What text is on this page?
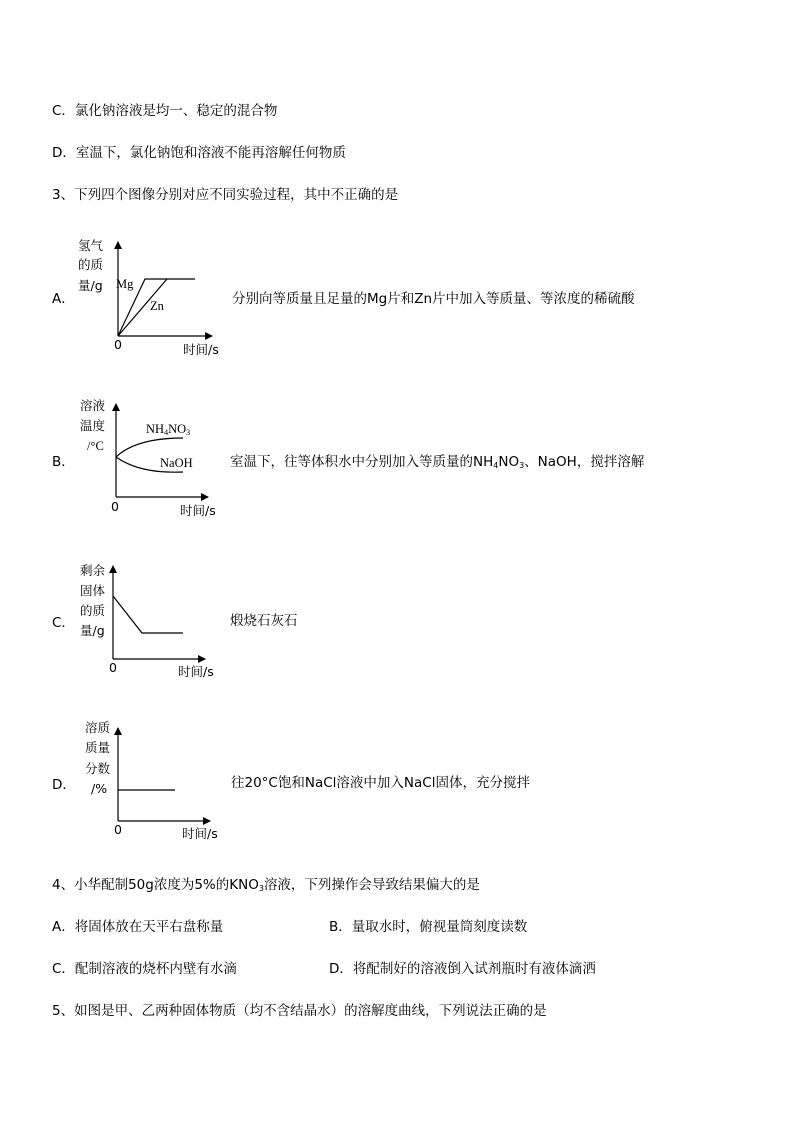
C．氯化钠溶液是均一、稳定的混合物
D．室温下，氯化钠饱和溶液不能再溶解任何物质
3、下列四个图像分别对应不同实验过程，其中不正确的是
A．
氢气
的质
量/g Mg
Zn
0	时间/s
分别向等质量且足量的Mg片和Zn片中加入等质量、等浓度的稀硫酸
B．
溶液
温度
/°C
$NH_4NO_3$
NaOH
0	时间/s
室温下，往等体积水中分别加入等质量的$NH_4NO_3$、NaOH，搅拌溶解
C．
剩余
固体
的质
量/g
0	时间/s
煅烧石灰石
D．
溶质
质量
分数
/%
0	时间/s
往20°C饱和NaCl溶液中加入NaCl固体，充分搅拌
4、小华配制50g浓度为5%的$KNO_3$溶液，下列操作会导致结果偏大的是
A．将固体放在天平右盘称量	B．量取水时，俯视量筒刻度读数
C．配制溶液的烧杯内壁有水滴	D．将配制好的溶液倒入试剂瓶时有液体滴洒
5、如图是甲、乙两种固体物质（均不含结晶水）的溶解度曲线，下列说法正确的是
